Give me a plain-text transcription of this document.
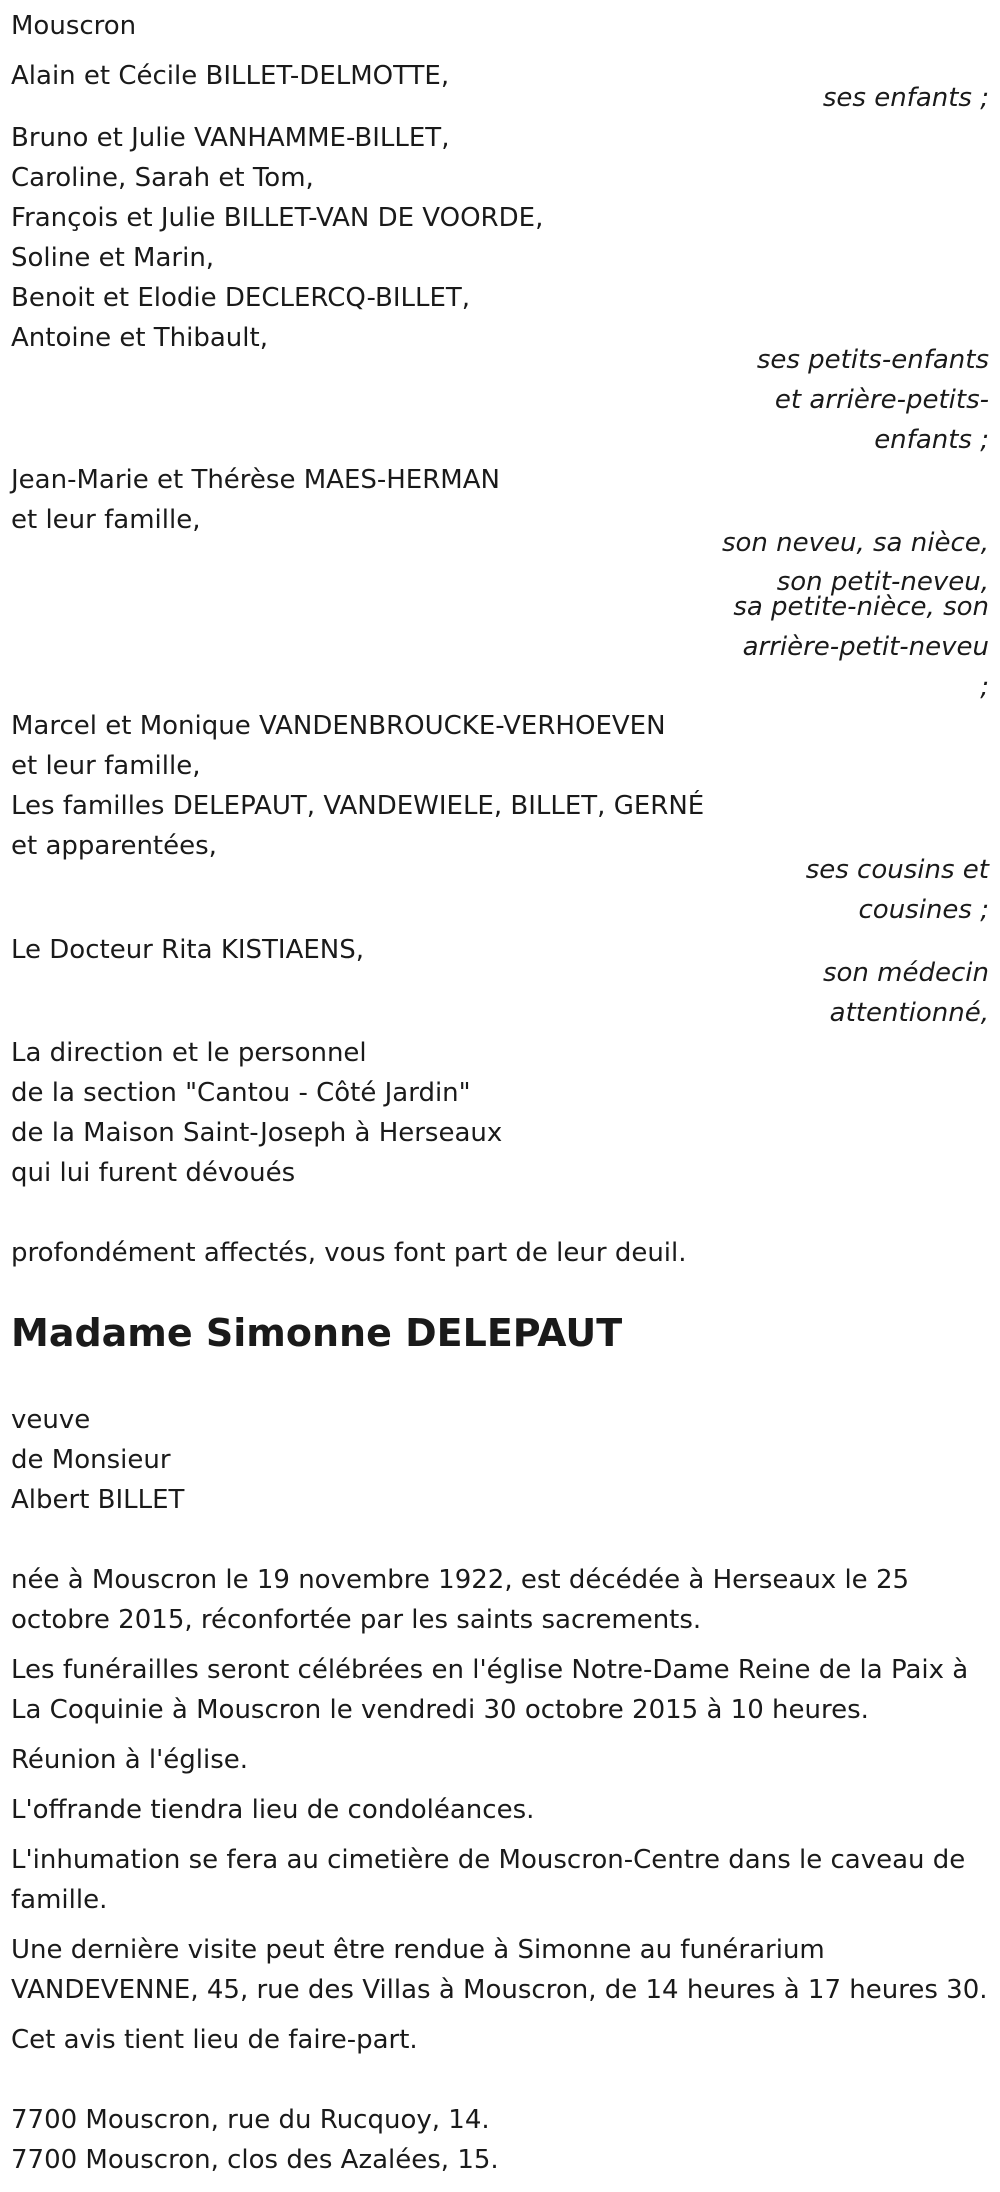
Mouscron
Alain et Cécile BILLET-DELMOTTE,
ses enfants ;
Bruno et Julie VANHAMME-BILLET,
Caroline, Sarah et Tom,
François et Julie BILLET-VAN DE VOORDE,
Soline et Marin,
Benoit et Elodie DECLERCQ-BILLET,
Antoine et Thibault,
ses petits-enfants
et arrière-petits-
enfants ;
Jean-Marie et Thérèse MAES-HERMAN
et leur famille,
son neveu, sa nièce,
son petit-neveu,
sa petite-nièce, son
arrière-petit-neveu
;
Marcel et Monique VANDENBROUCKE-VERHOEVEN
et leur famille,
Les familles DELEPAUT, VANDEWIELE, BILLET, GERNÉ
et apparentées,
ses cousins et
cousines ;
Le Docteur Rita KISTIAENS,
son médecin
attentionné,
La direction et le personnel
de la section "Cantou - Côté Jardin"
de la Maison Saint-Joseph à Herseaux
qui lui furent dévoués
profondément affectés, vous font part de leur deuil.
Madame Simonne DELEPAUT
veuve
de Monsieur
Albert BILLET
née à Mouscron le 19 novembre 1922, est décédée à Herseaux le 25
octobre 2015, réconfortée par les saints sacrements.
Les funérailles seront célébrées en l'église Notre-Dame Reine de la Paix à
La Coquinie à Mouscron le vendredi 30 octobre 2015 à 10 heures.
Réunion à l'église.
L'offrande tiendra lieu de condoléances.
L'inhumation se fera au cimetière de Mouscron-Centre dans le caveau de
famille.
Une dernière visite peut être rendue à Simonne au funérarium
VANDEVENNE, 45, rue des Villas à Mouscron, de 14 heures à 17 heures 30.
Cet avis tient lieu de faire-part.
7700 Mouscron, rue du Rucquoy, 14.
7700 Mouscron, clos des Azalées, 15.
